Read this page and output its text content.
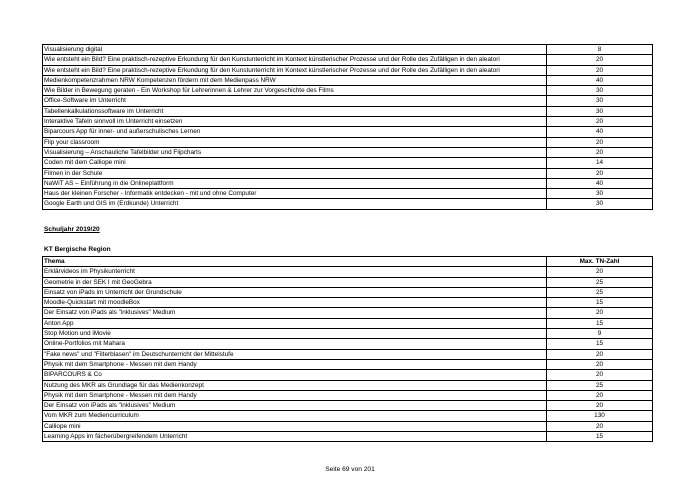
Visualisierung digital	8
Wie entsteht ein Bild? Eine praktisch-rezeptive Erkundung für den Kunstunterricht im Kontext künstlerischer Prozesse und der Rolle des Zufälligen in den aleatori	20
Wie entsteht ein Bild? Eine praktisch-rezeptive Erkundung für den Kunstunterricht im Kontext künstlerischer Prozesse und der Rolle des Zufälligen in den aleatori	20
Medienkompetenzrahmen NRW Kompetenzen fördern mit dem Medienpass NRW	40
Wie Bilder in Bewegung geraten - Ein Workshop für Lehrerinnen & Lehrer zur Vorgeschichte des Films	30
Office-Software im Unterricht	30
Tabellenkalkulationssoftware im Unterricht	30
Interaktive Tafeln sinnvoll im Unterricht einsetzen	20
Biparcours App für inner- und außerschulisches Lernen	40
Flip your classroom	20
Visualisierung – Anschauliche Tafelbilder und Flipcharts	20
Coden mit dem Calliope mini	14
Filmen in der Schule	20
NaWiT AS – Einführung in die Onlineplattform	40
Haus der kleinen Forscher - Informatik entdecken - mit und ohne Computer	30
Google Earth und GIS im (Erdkunde) Unterricht	30
Schuljahr 2019/20
KT Bergische Region
Thema	Max. TN-Zahl
Erklärvideos im Physikunterricht	20
Geometrie in der SEK I mit GeoGebra	25
Einsatz von iPads im Unterricht der Grundschule	25
Moodle-Quickstart mit moodleBox	15
Der Einsatz von iPads als "inklusives" Medium	20
Anton App	15
Stop Motion und iMovie	9
Online-Portfolios mit Mahara	15
"Fake news" und "Filterblasen" im Deutschunterricht der Mittelstufe	20
Physik mit dem Smartphone - Messen mit dem Handy	20
BIPARCOURS & Co	20
Nutzung des MKR als Grundlage für das Medienkonzept	25
Physik mit dem Smartphone - Messen mit dem Handy	20
Der Einsatz von iPads als "inklusives" Medium	20
Vom MKR zum Mediencurriculum	130
Calliope mini	20
Learning Apps im fächerübergreifendem Unterricht	15
Seite 69 von 201
